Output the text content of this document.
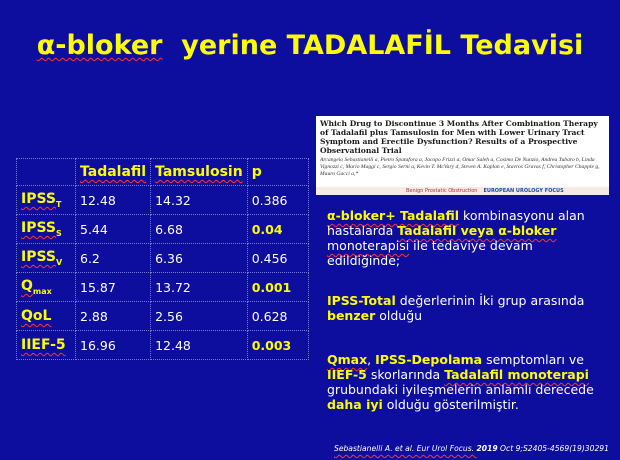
α-bloker  yerine TADALAFİL Tedavisi
	Tadalafil	Tamsulosin	p
$IPSS_T$	12.48	14.32	0.386
$IPSS_S$	5.44	6.68	0.04
$IPSS_V$	6.2	6.36	0.456
$Q_{max}$	15.87	13.72	0.001
QoL	2.88	2.56	0.628
IIEF-5	16.96	12.48	0.003
Which Drug to Discontinue 3 Months After Combination Therapy of Tadalafil plus Tamsulosin for Men with Lower Urinary Tract Symptom and Erectile Dysfunction? Results of a Prospective Observational Trial
Arcangelo Sebastianelli a, Pietro Spatafora a, Jacopo Frizzi a, Omar Saleh a, Cosimo De Nunzio, Andrea Tubaro b, Linda Vignozzi c, Mario Maggi c, Sergio Serni a, Kevin T. McVary d, Steven A. Kaplan e, Stavros Gravas f, Christopher Chapple g, Mauro Gacci a,*
Benign Prostatic Obstruction EUROPEAN UROLOGY FOCUS
α-bloker+ Tadalafil kombinasyonu alan hastalarda Tadalafil veya α-bloker monoterapisi ile tedaviye devam edildiğinde;
IPSS-Total değerlerinin İki grup arasında benzer olduğu
Qmax, IPSS-Depolama semptomları ve IIEF-5 skorlarında Tadalafil monoterapi grubundaki iyileşmelerin anlamlı derecede daha iyi olduğu gösterilmiştir.
Sebastianelli A. et al. Eur Urol Focus. 2019 Oct 9;S2405-4569(19)30291
